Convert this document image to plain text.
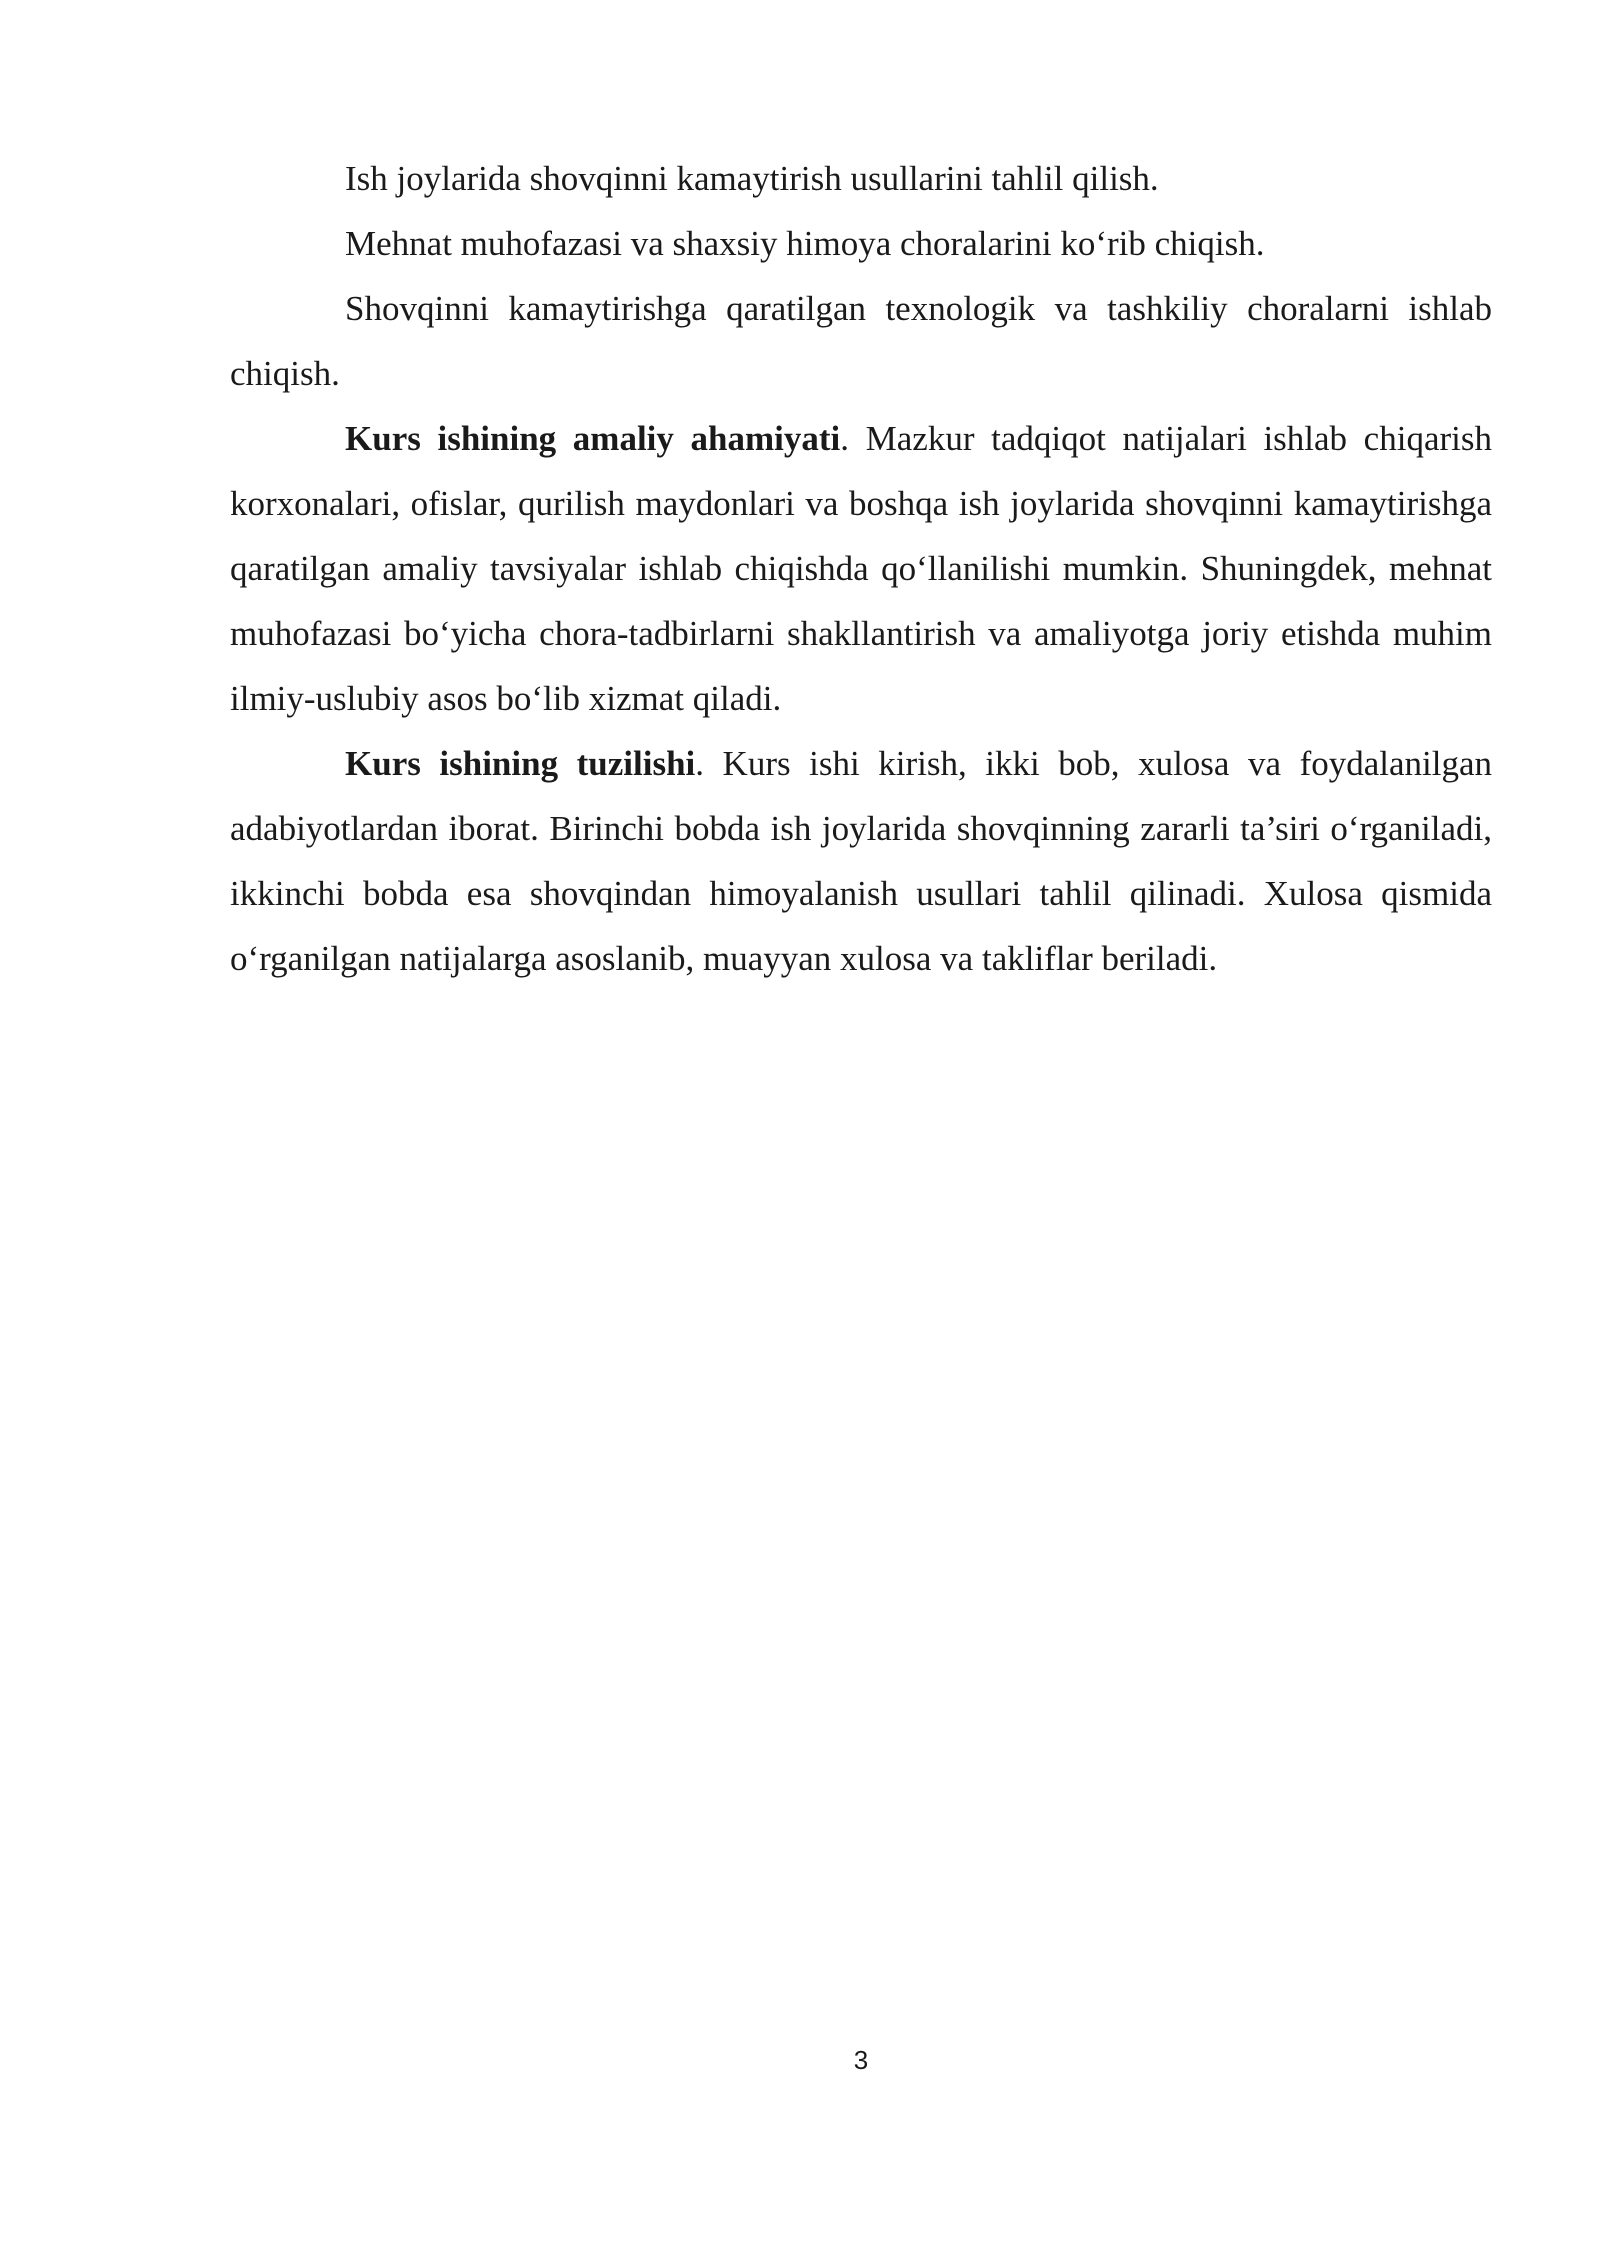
Ish joylarida shovqinni kamaytirish usullarini tahlil qilish.

Mehnat muhofazasi va shaxsiy himoya choralarini ko‘rib chiqish.

Shovqinni kamaytirishga qaratilgan texnologik va tashkiliy choralarni ishlab chiqish.

Kurs ishining amaliy ahamiyati. Mazkur tadqiqot natijalari ishlab chiqarish korxonalari, ofislar, qurilish maydonlari va boshqa ish joylarida shovqinni kamaytirishga qaratilgan amaliy tavsiyalar ishlab chiqishda qo‘llanilishi mumkin. Shuningdek, mehnat muhofazasi bo‘yicha chora-tadbirlarni shakllantirish va amaliyotga joriy etishda muhim ilmiy-uslubiy asos bo‘lib xizmat qiladi.

Kurs ishining tuzilishi. Kurs ishi kirish, ikki bob, xulosa va foydalanilgan adabiyotlardan iborat. Birinchi bobda ish joylarida shovqinning zararli ta’siri o‘rganiladi, ikkinchi bobda esa shovqindan himoyalanish usullari tahlil qilinadi. Xulosa qismida o‘rganilgan natijalarga asoslanib, muayyan xulosa va takliflar beriladi.

3
